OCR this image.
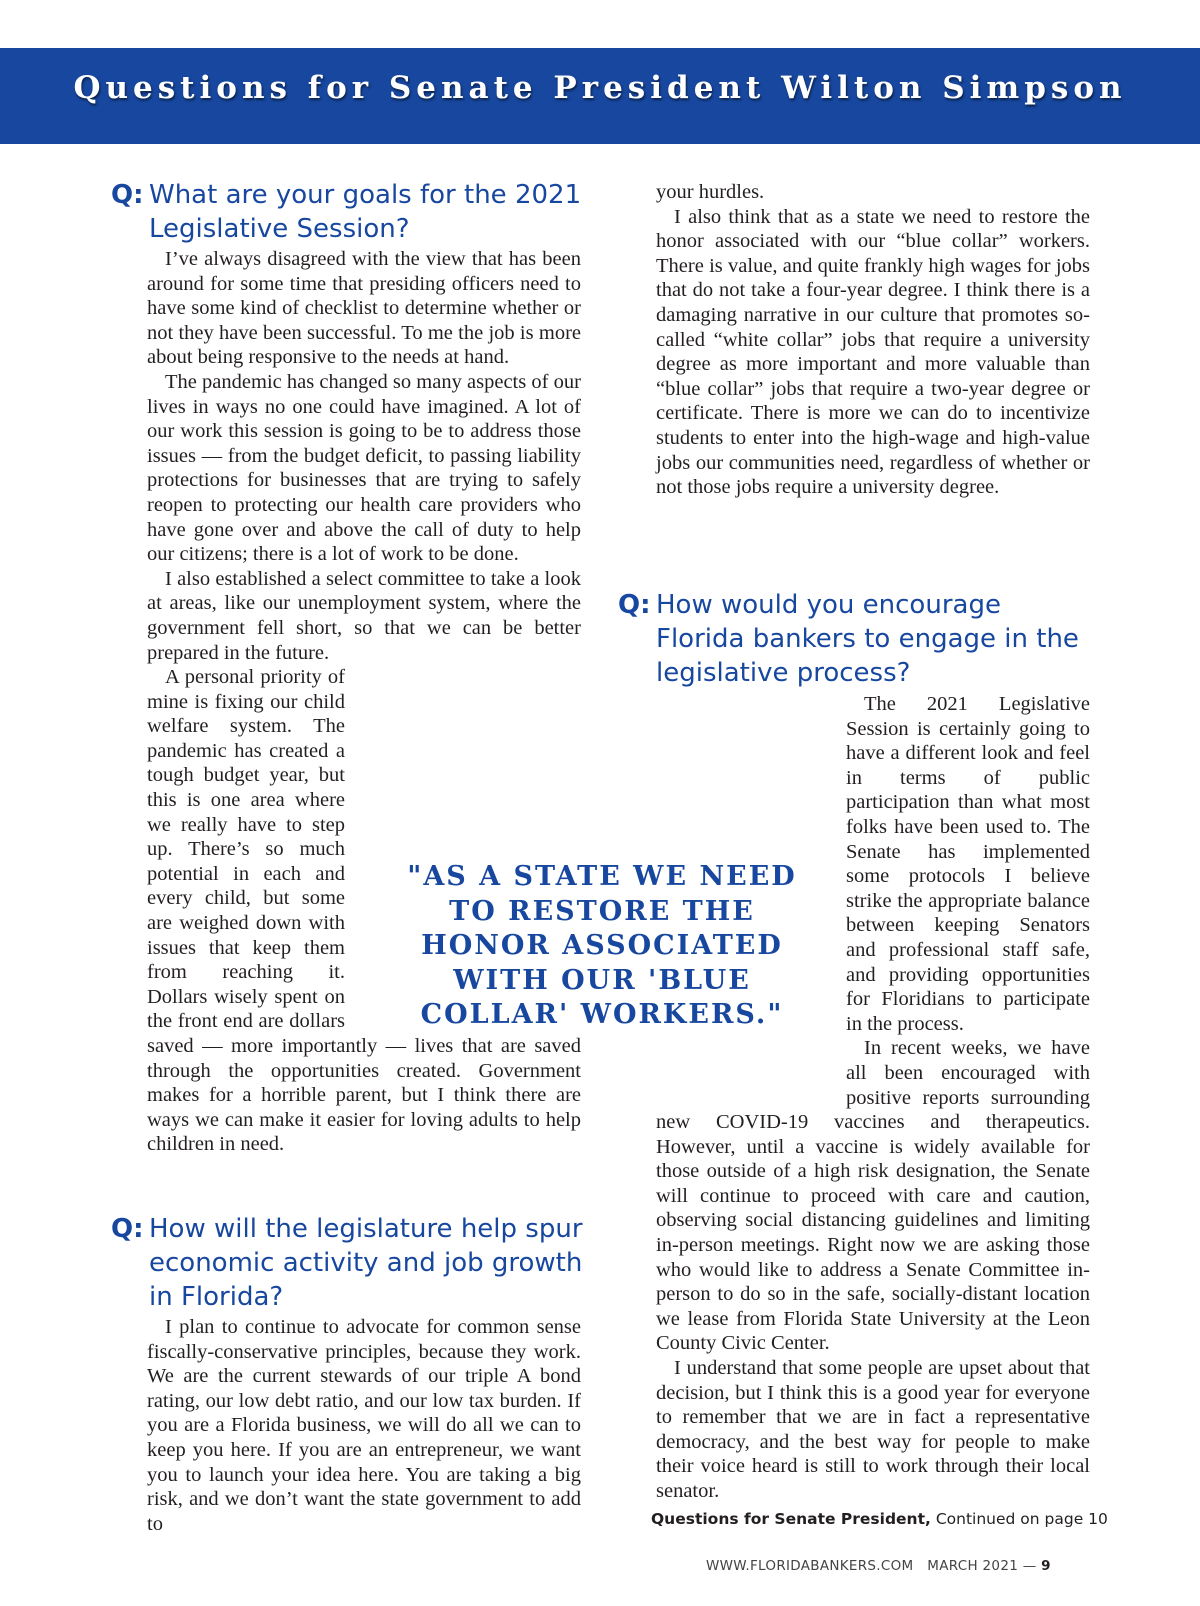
Questions for Senate President Wilton Simpson
Q: What are your goals for the 2021 Legislative Session?

I’ve always disagreed with the view that has been around for some time that presiding officers need to have some kind of checklist to determine whether or not they have been successful. To me the job is more about being responsive to the needs at hand.

The pandemic has changed so many aspects of our lives in ways no one could have imagined. A lot of our work this session is going to be to address those issues — from the budget deficit, to passing liability protections for businesses that are trying to safely reopen to protecting our health care providers who have gone over and above the call of duty to help our citizens; there is a lot of work to be done.

I also established a select committee to take a look at areas, like our unemployment system, where the government fell short, so that we can be better prepared in the future.

A personal priority of mine is fixing our child welfare system. The pandemic has created a tough budget year, but this is one area where we really have to step up. There’s so much potential in each and every child, but some are weighed down with issues that keep them from reaching it. Dollars wisely spent on the front end are dollars saved — more importantly — lives that are saved through the opportunities created. Government makes for a horrible parent, but I think there are ways we can make it easier for loving adults to help children in need.

Q: How will the legislature help spur economic activity and job growth in Florida?

I plan to continue to advocate for common sense fiscally-conservative principles, because they work. We are the current stewards of our triple A bond rating, our low debt ratio, and our low tax burden. If you are a Florida business, we will do all we can to keep you here. If you are an entrepreneur, we want you to launch your idea here. You are taking a big risk, and we don’t want the state government to add to

your hurdles.

I also think that as a state we need to restore the honor associated with our “blue collar” workers. There is value, and quite frankly high wages for jobs that do not take a four-year degree. I think there is a damaging narrative in our culture that promotes so-called “white collar” jobs that require a university degree as more important and more valuable than “blue collar” jobs that require a two-year degree or certificate. There is more we can do to incentivize students to enter into the high-wage and high-value jobs our communities need, regardless of whether or not those jobs require a university degree.

Q: How would you encourage Florida bankers to engage in the legislative process?

The 2021 Legislative Session is certainly going to have a different look and feel in terms of public participation than what most folks have been used to. The Senate has implemented some protocols I believe strike the appropriate balance between keeping Senators and professional staff safe, and providing opportunities for Floridians to participate in the process.

In recent weeks, we have all been encouraged with positive reports surrounding new COVID-19 vaccines and therapeutics. However, until a vaccine is widely available for those outside of a high risk designation, the Senate will continue to proceed with care and caution, observing social distancing guidelines and limiting in-person meetings. Right now we are asking those who would like to address a Senate Committee in-person to do so in the safe, socially-distant location we lease from Florida State University at the Leon County Civic Center.

I understand that some people are upset about that decision, but I think this is a good year for everyone to remember that we are in fact a representative democracy, and the best way for people to make their voice heard is still to work through their local senator.

"AS A STATE WE NEED TO RESTORE THE HONOR ASSOCIATED WITH OUR 'BLUE COLLAR' WORKERS."
Questions for Senate President, Continued on page 10
WWW.FLORIDABANKERS.COM MARCH 2021 — 9
